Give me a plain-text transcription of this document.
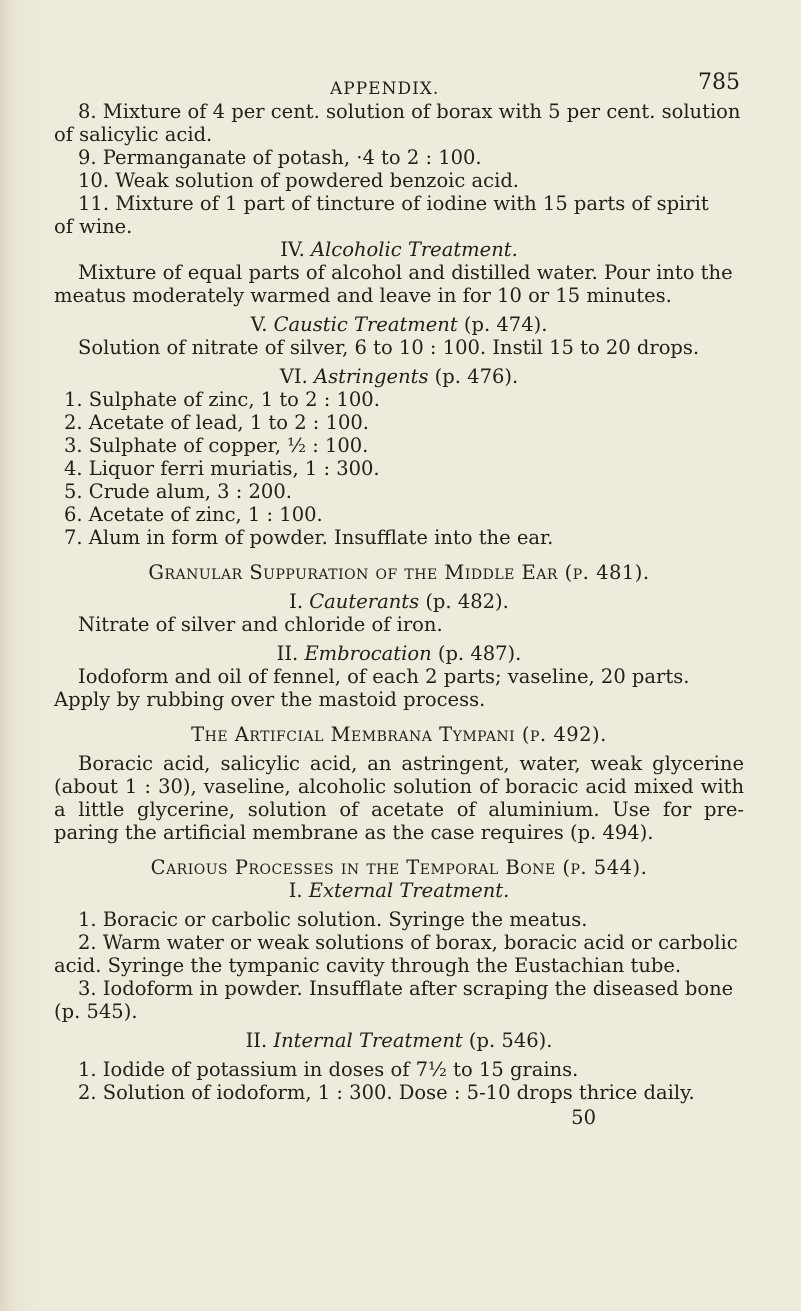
APPENDIX.	785

8. Mixture of 4 per cent. solution of borax with 5 per cent. solution

of salicylic acid.

9. Permanganate of potash, ·4 to 2 : 100.

10. Weak solution of powdered benzoic acid.

11. Mixture of 1 part of tincture of iodine with 15 parts of spirit

of wine.

IV. Alcoholic Treatment.

Mixture of equal parts of alcohol and distilled water. Pour into the

meatus moderately warmed and leave in for 10 or 15 minutes.

V. Caustic Treatment (p. 474).

Solution of nitrate of silver, 6 to 10 : 100. Instil 15 to 20 drops.

VI. Astringents (p. 476).

1. Sulphate of zinc, 1 to 2 : 100.

2. Acetate of lead, 1 to 2 : 100.

3. Sulphate of copper, ½ : 100.

4. Liquor ferri muriatis, 1 : 300.

5. Crude alum, 3 : 200.

6. Acetate of zinc, 1 : 100.

7. Alum in form of powder. Insufflate into the ear.

Granular Suppuration of the Middle Ear (p. 481).

I. Cauterants (p. 482).

Nitrate of silver and chloride of iron.

II. Embrocation (p. 487).

Iodoform and oil of fennel, of each 2 parts; vaseline, 20 parts.

Apply by rubbing over the mastoid process.

The Artifcial Membrana Tympani (p. 492).

Boracic acid, salicylic acid, an astringent, water, weak glycerine

(about 1 : 30), vaseline, alcoholic solution of boracic acid mixed with

a little glycerine, solution of acetate of aluminium. Use for pre-

paring the artificial membrane as the case requires (p. 494).

Carious Processes in the Temporal Bone (p. 544).

I. External Treatment.

1. Boracic or carbolic solution. Syringe the meatus.

2. Warm water or weak solutions of borax, boracic acid or carbolic

acid. Syringe the tympanic cavity through the Eustachian tube.

3. Iodoform in powder. Insufflate after scraping the diseased bone

(p. 545).

II. Internal Treatment (p. 546).

1. Iodide of potassium in doses of 7½ to 15 grains.

2. Solution of iodoform, 1 : 300. Dose : 5-10 drops thrice daily.

50
